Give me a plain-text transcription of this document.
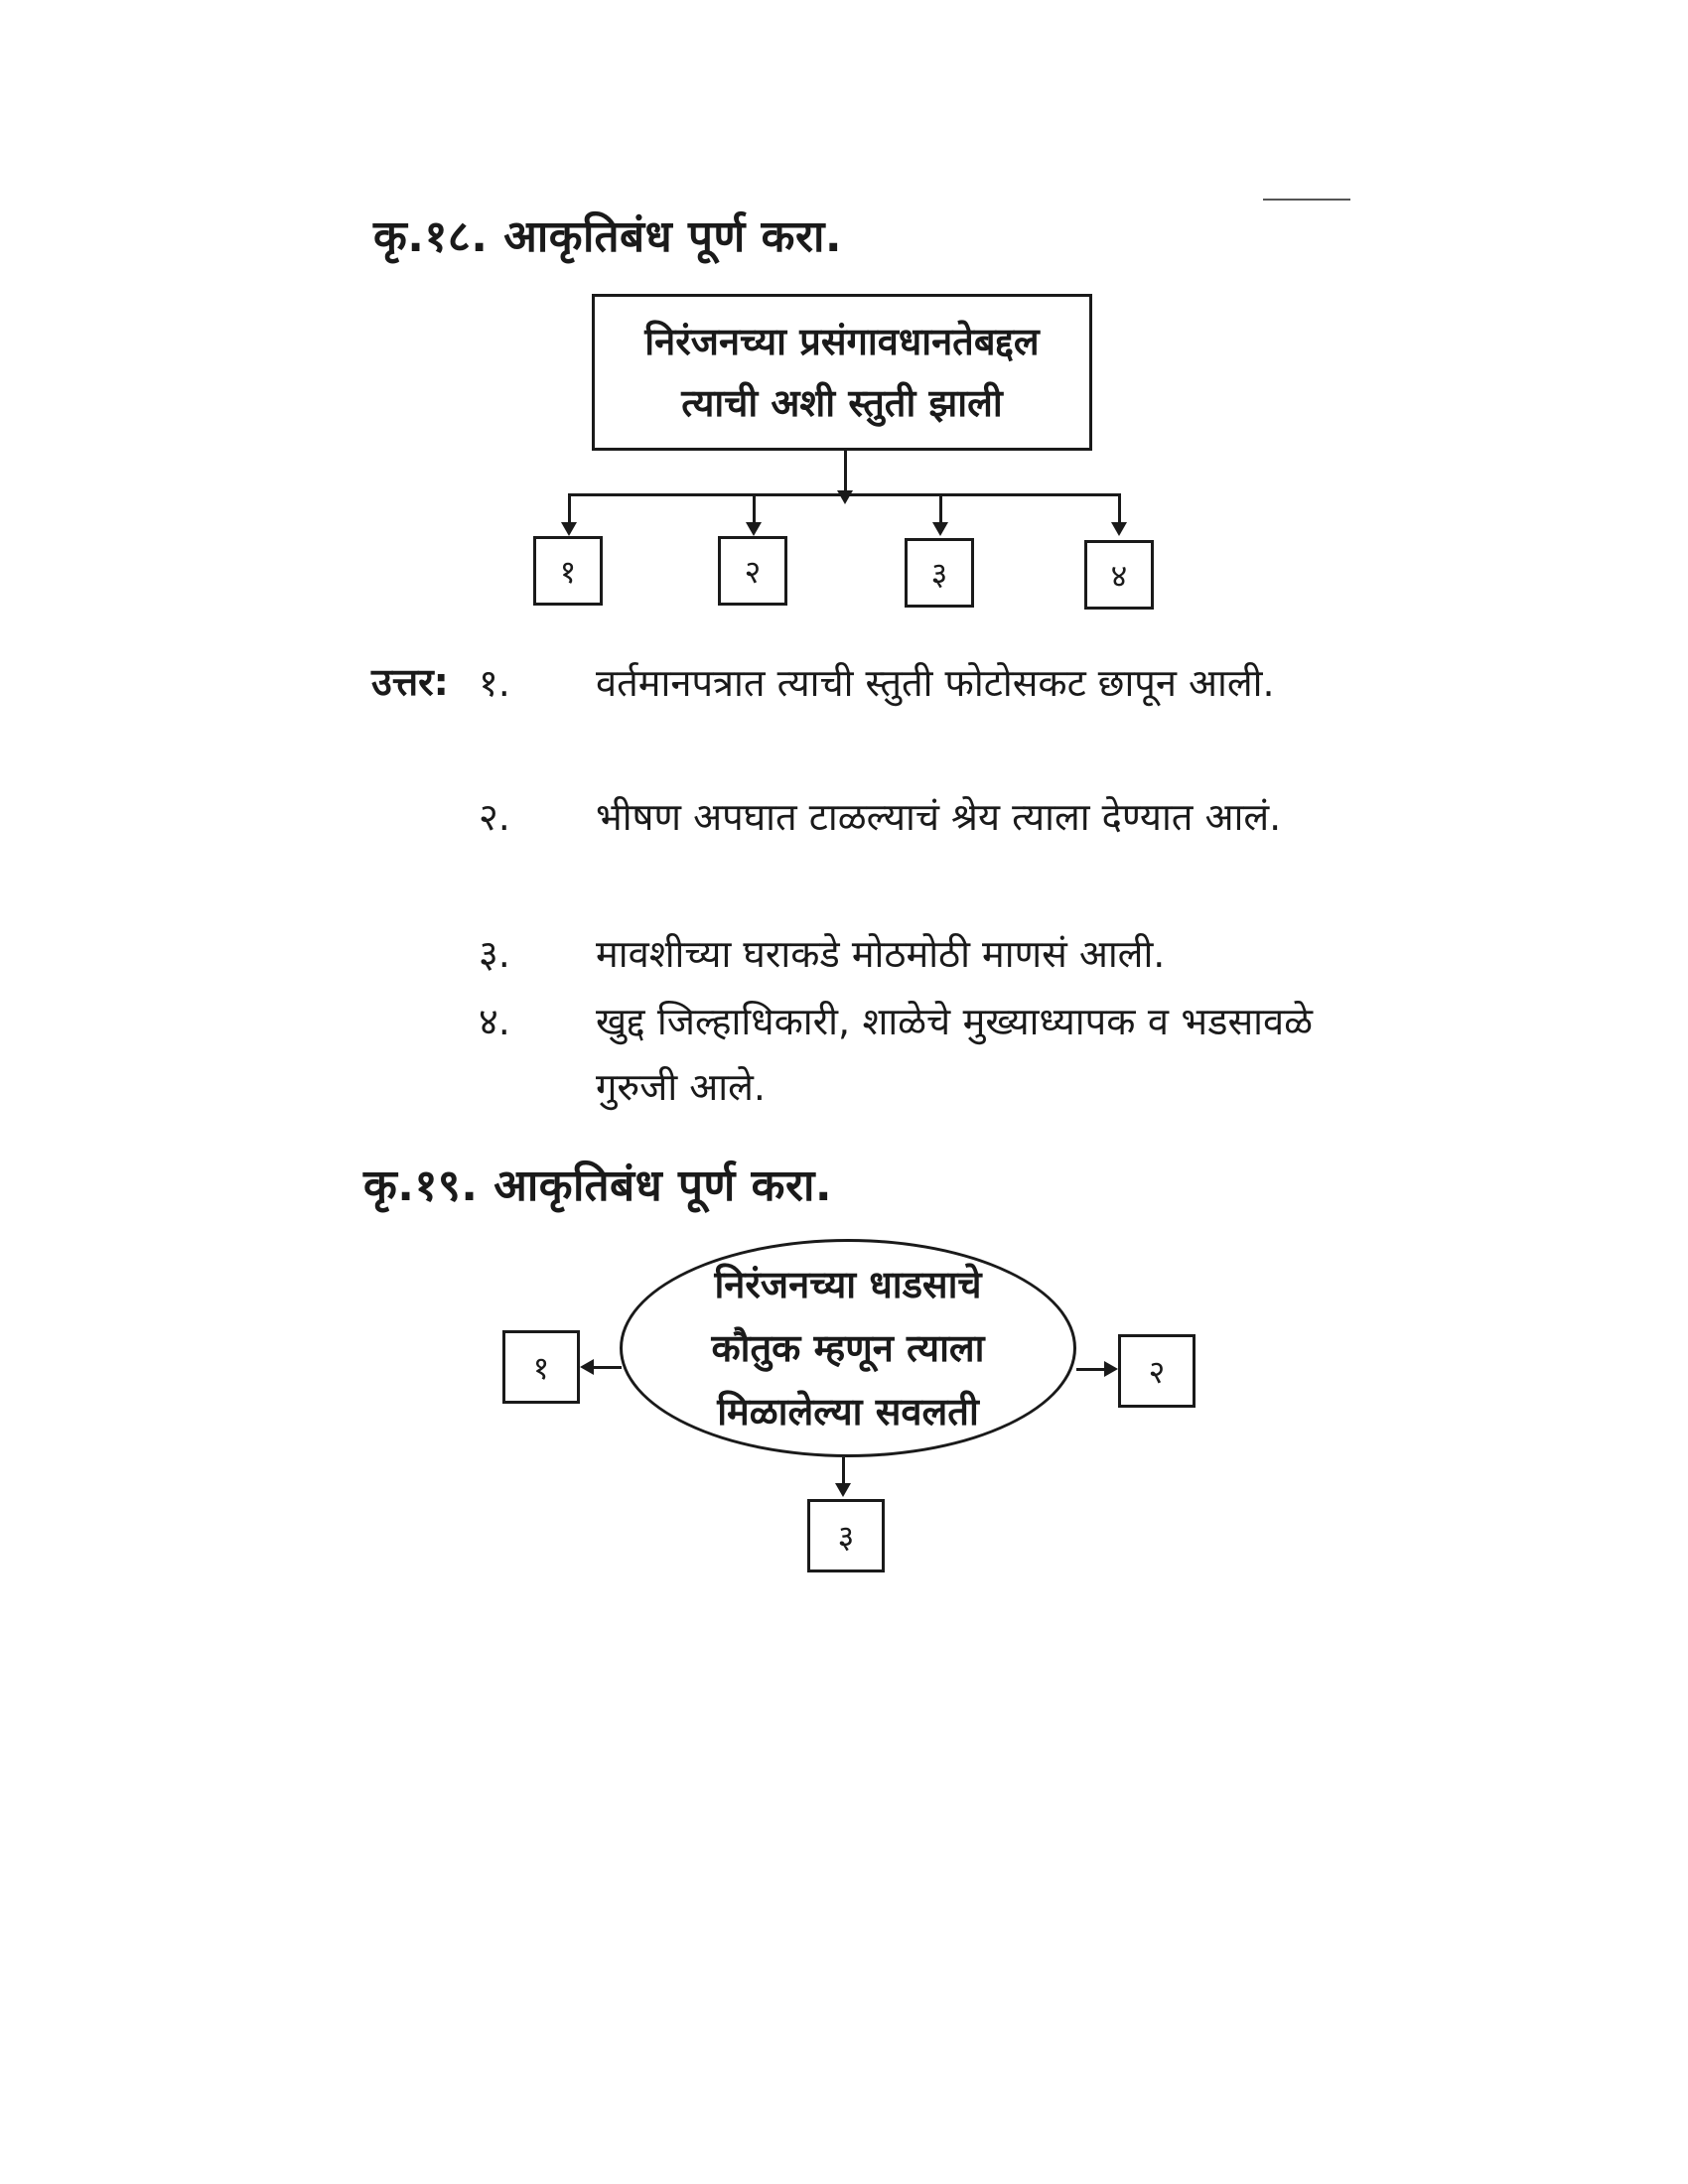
कृ.१८. आकृतिबंध पूर्ण करा.
निरंजनच्या प्रसंगावधानतेबद्दल
त्याची अशी स्तुती झाली
१	२	३	४
उत्तर: १.	वर्तमानपत्रात त्याची स्तुती फोटोसकट छापून आली.
२.	भीषण अपघात टाळल्याचं श्रेय त्याला देण्यात आलं.
३.	मावशीच्या घराकडे मोठमोठी माणसं आली.
४.	खुद्द जिल्हाधिकारी, शाळेचे मुख्याध्यापक व भडसावळे गुरुजी आले.
कृ.१९. आकृतिबंध पूर्ण करा.
निरंजनच्या धाडसाचे
कौतुक म्हणून त्याला
मिळालेल्या सवलती
१	२
३
